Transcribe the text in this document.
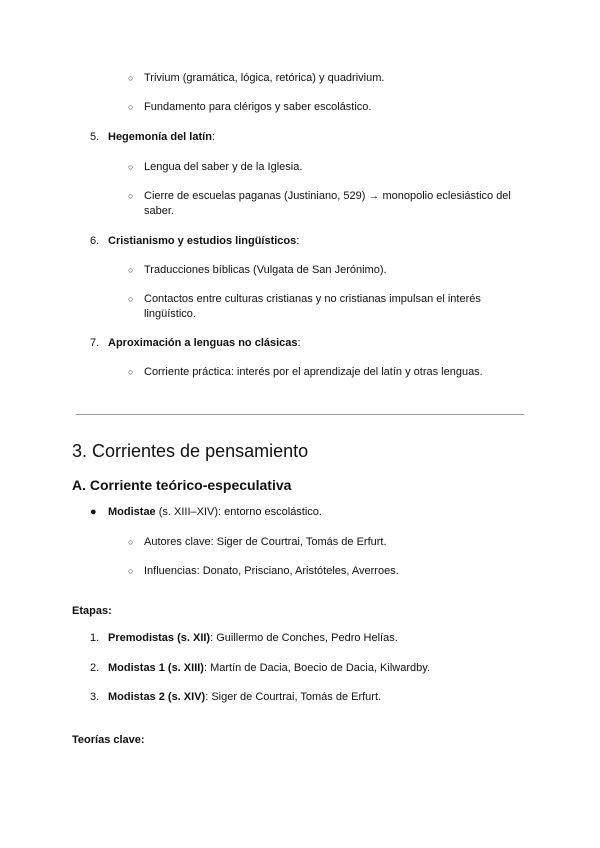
○ Trivium (gramática, lógica, retórica) y quadrivium.
○ Fundamento para clérigos y saber escolástico.
5. Hegemonía del latín:
○ Lengua del saber y de la Iglesia.
○ Cierre de escuelas paganas (Justiniano, 529) → monopolio eclesiástico del saber.
6. Cristianismo y estudios lingüísticos:
○ Traducciones bíblicas (Vulgata de San Jerónimo).
○ Contactos entre culturas cristianas y no cristianas impulsan el interés lingüístico.
7. Aproximación a lenguas no clásicas:
○ Corriente práctica: interés por el aprendizaje del latín y otras lenguas.
3. Corrientes de pensamiento
A. Corriente teórico-especulativa
● Modistae (s. XIII–XIV): entorno escolástico.
○ Autores clave: Siger de Courtrai, Tomás de Erfurt.
○ Influencias: Donato, Prisciano, Aristóteles, Averroes.
Etapas:
1. Premodistas (s. XII): Guillermo de Conches, Pedro Helías.
2. Modistas 1 (s. XIII): Martín de Dacia, Boecio de Dacia, Kilwardby.
3. Modistas 2 (s. XIV): Siger de Courtrai, Tomás de Erfurt.
Teorías clave:
